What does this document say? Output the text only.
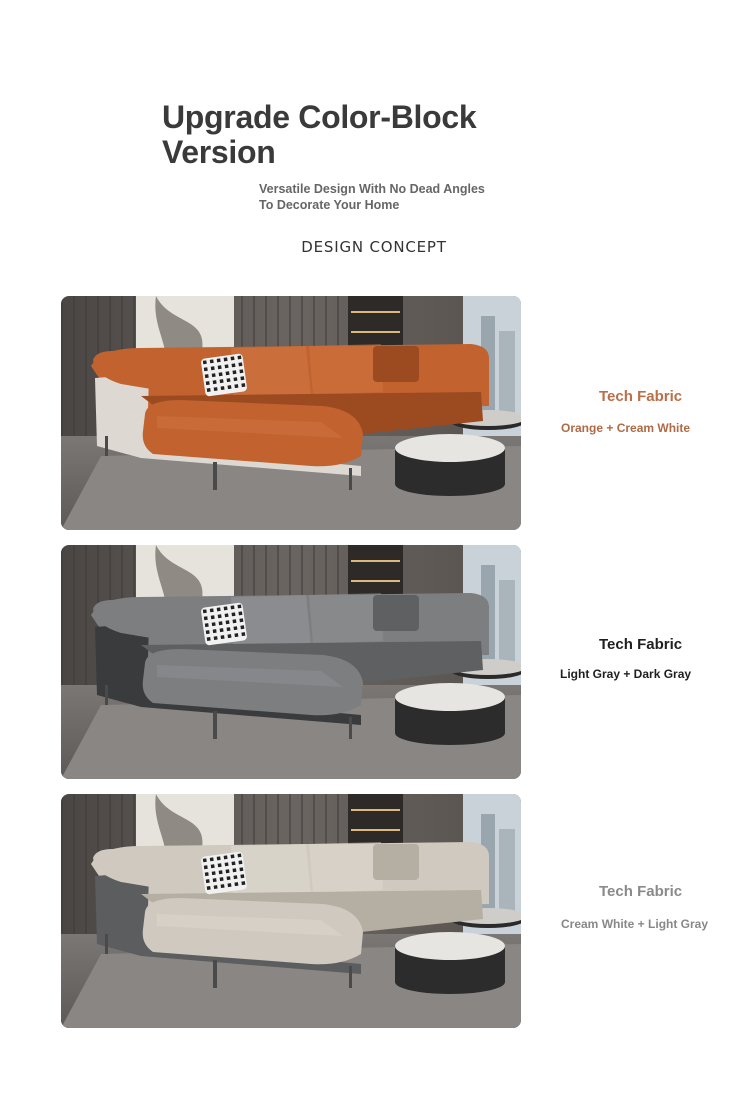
Upgrade Color-Block
Version
Versatile Design With No Dead Angles
To Decorate Your Home
DESIGN CONCEPT
Tech Fabric
Orange + Cream White
Tech Fabric
Light Gray + Dark Gray
Tech Fabric
Cream White + Light Gray
